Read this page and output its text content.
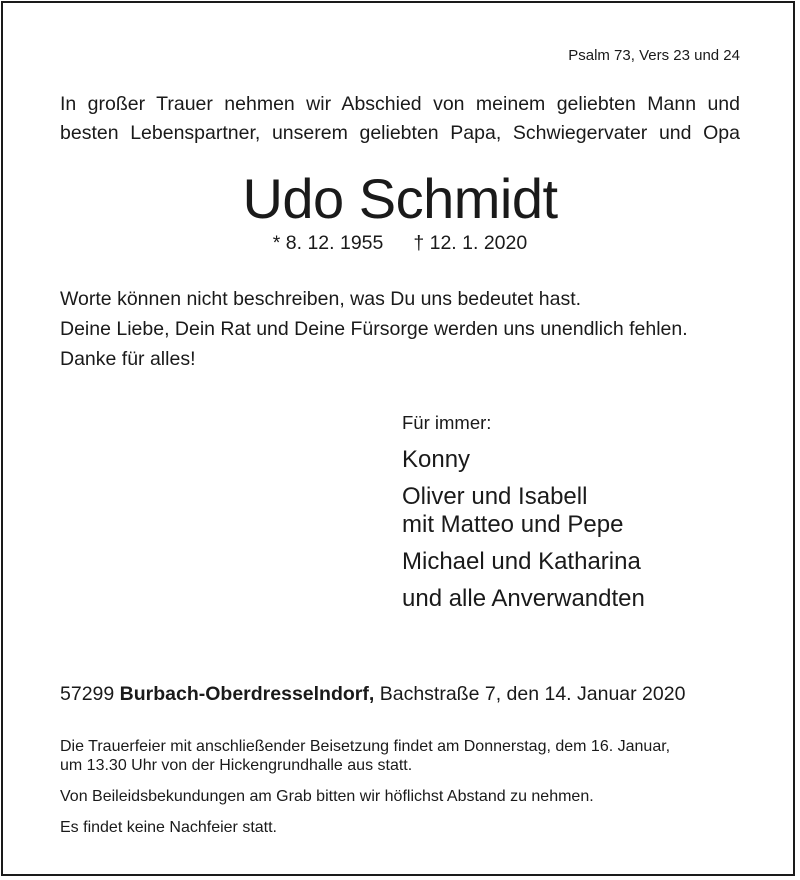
Psalm 73, Vers 23 und 24
In großer Trauer nehmen wir Abschied von meinem geliebten Mann und
besten Lebenspartner, unserem geliebten Papa, Schwiegervater und Opa
Udo Schmidt
* 8. 12. 1955 † 12. 1. 2020
Worte können nicht beschreiben, was Du uns bedeutet hast.
Deine Liebe, Dein Rat und Deine Fürsorge werden uns unendlich fehlen.
Danke für alles!
Für immer:
Konny
Oliver und Isabell
mit Matteo und Pepe
Michael und Katharina
und alle Anverwandten
57299 Burbach-Oberdresselndorf, Bachstraße 7, den 14. Januar 2020

Die Trauerfeier mit anschließender Beisetzung findet am Donnerstag, dem 16. Januar,
um 13.30 Uhr von der Hickengrundhalle aus statt.

Von Beileidsbekundungen am Grab bitten wir höflichst Abstand zu nehmen.

Es findet keine Nachfeier statt.
